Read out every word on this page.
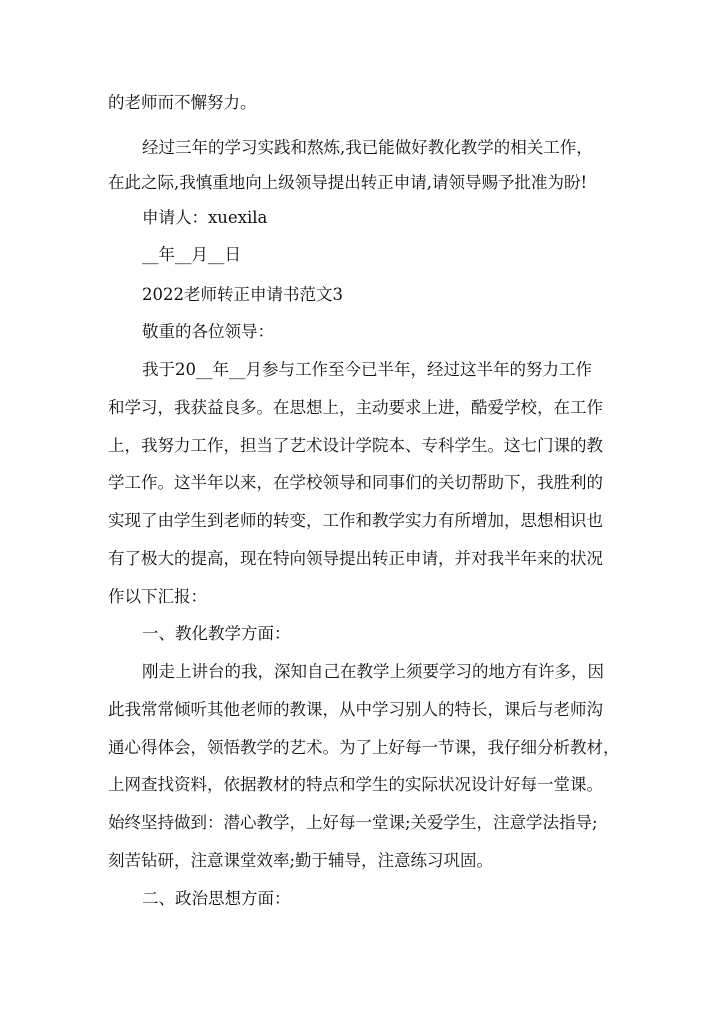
的老师而不懈努力。
经过三年的学习实践和熬炼,我已能做好教化教学的相关工作，
在此之际,我慎重地向上级领导提出转正申请,请领导赐予批准为盼!
申请人：xuexila
__年__月__日
2022老师转正申请书范文3
敬重的各位领导：
我于20__年__月参与工作至今已半年，经过这半年的努力工作
和学习，我获益良多。在思想上，主动要求上进，酷爱学校，在工作
上，我努力工作，担当了艺术设计学院本、专科学生。这七门课的教
学工作。这半年以来，在学校领导和同事们的关切帮助下，我胜利的
实现了由学生到老师的转变，工作和教学实力有所增加，思想相识也
有了极大的提高，现在特向领导提出转正申请，并对我半年来的状况
作以下汇报：
一、教化教学方面：
刚走上讲台的我，深知自己在教学上须要学习的地方有许多，因
此我常常倾听其他老师的教课，从中学习别人的特长，课后与老师沟
通心得体会，领悟教学的艺术。为了上好每一节课，我仔细分析教材，
上网查找资料，依据教材的特点和学生的实际状况设计好每一堂课。
始终坚持做到：潜心教学，上好每一堂课;关爱学生，注意学法指导;
刻苦钻研，注意课堂效率;勤于辅导，注意练习巩固。
二、政治思想方面：
